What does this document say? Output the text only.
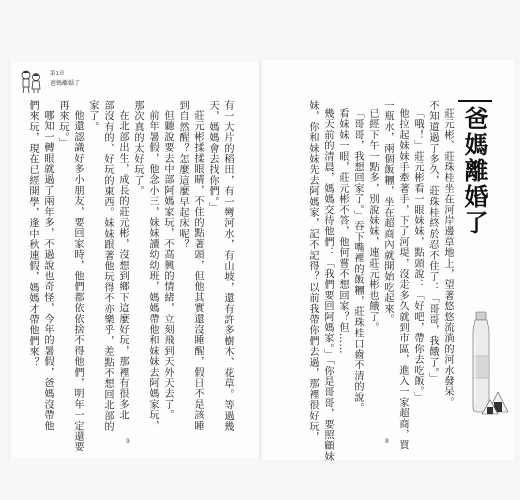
第1章
爸媽離婚了
有一大片的稻田，有一彎河水，有山坡，還有許多樹木、花草。等過幾
天，媽媽會去找你們。」
莊元彬揉揉眼睛，不住的點著頭，但他其實還沒睡醒，假日不是該睡
到自然醒？怎麼這麼早起床呢？
但聽說要去中部阿媽家玩，不高興的情緒，立刻飛到天外天去了。
前年暑假，他念小三，妹妹讀幼幼班，媽媽帶他和妹妹去阿媽家玩，
那次真的太好玩了。
在北部出生，成長的莊元彬，沒想到鄉下這麼好玩，那裡有很多北
部沒有的、好玩的東西。妹妹跟著他玩得不亦樂乎，差點不想回北部的
家了。
他還認識好多小朋友，要回家時，他們都依依捨不得他們，明年一定還要
再來玩。」
哪知一轉眼就過了兩年多，不過說也奇怪，今年的暑假，爸媽沒帶他
們來玩，現在已經開學，逢中秋連假，媽媽才帶他們來？
9
爸媽離婚了
莊元彬、莊珠桂坐在河岸邊草地上，望著悠悠流淌的河水發呆。
不知道過了多久，莊珠桂終於忍不住了：「哥哥，我餓了。」
「哦！」莊元彬看一眼妹妹，點頭說：「好吧，帶你去吃飯。」
他拉起妹妹手牽著手，下了河堤，沒走多久就到市區，進入一家超商，買
一瓶水，兩個飯糰，坐在超商內就開始吃起來。
已經下午一點多，別說妹妹，連莊元彬也餓了。
「哥哥，我想回家了。」吞下嘴裡的飯糰，莊珠桂口齒不清的說。
看妹妹一眼，莊元彬不答，他何嘗不想回家？但……
幾天前的清晨，媽媽交待他們：「我們要回阿媽家。」「你是哥哥，要照顧妹
妹，你和妹妹先去阿媽家，記不記得？以前我帶你們去過，那裡很好玩，	8
